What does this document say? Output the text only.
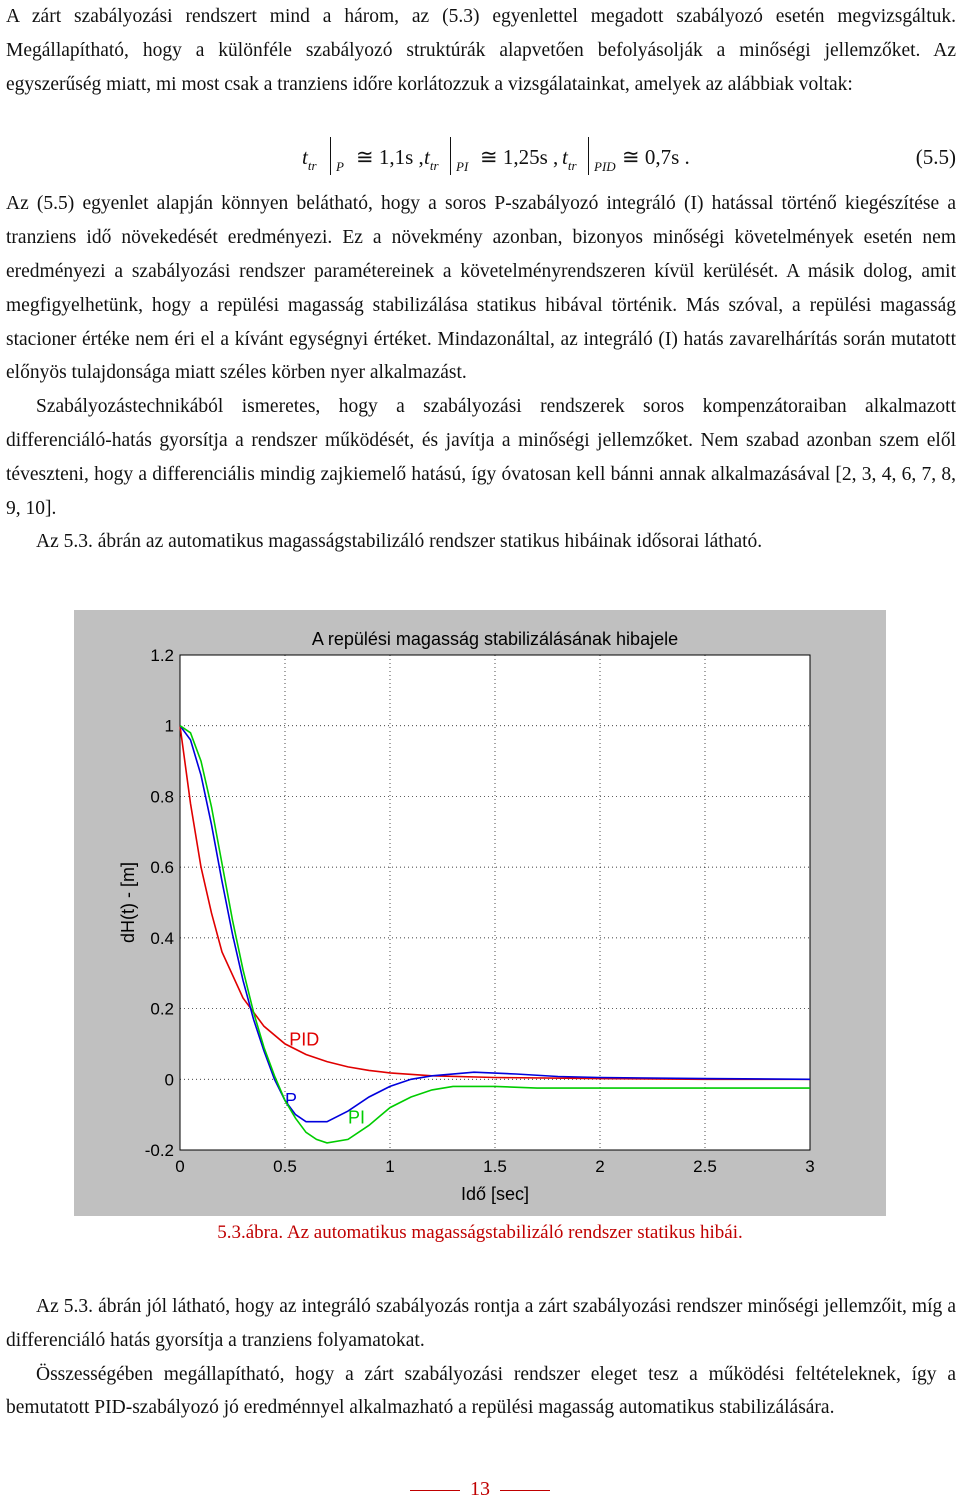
A zárt szabályozási rendszert mind a három, az (5.3) egyenlettel megadott szabályozó esetén megvizsgáltuk. Megállapítható, hogy a különféle szabályozó struktúrák alapvetően befolyásolják a minőségi jellemzőket. Az egyszerűség miatt, mi most csak a tranziens időre korlátozzuk a vizsgálatainkat, amelyek az alábbiak voltak:

$t_{tr}$ P ≅ 1,1s , $t_{tr}$ PI ≅ 1,25s , $t_{tr}$ PID ≅ 0,7s .	(5.5)

Az (5.5) egyenlet alapján könnyen belátható, hogy a soros P-szabályozó integráló (I) hatással történő kiegészítése a tranziens idő növekedését eredményezi. Ez a növekmény azonban, bizonyos minőségi követelmények esetén nem eredményezi a szabályozási rendszer paramétereinek a követelményrendszeren kívül kerülését. A másik dolog, amit megfigyelhetünk, hogy a repülési magasság stabilizálása statikus hibával történik. Más szóval, a repülési magasság stacioner értéke nem éri el a kívánt egységnyi értéket. Mindazonáltal, az integráló (I) hatás zavarelhárítás során mutatott előnyös tulajdonsága miatt széles körben nyer alkalmazást.

Szabályozástechnikából ismeretes, hogy a szabályozási rendszerek soros kompenzátoraiban alkalmazott differenciáló-hatás gyorsítja a rendszer működését, és javítja a minőségi jellemzőket. Nem szabad azonban szem elől téveszteni, hogy a differenciális mindig zajkiemelő hatású, így óvatosan kell bánni annak alkalmazásával [2, 3, 4, 6, 7, 8, 9, 10].

Az 5.3. ábrán az automatikus magasságstabilizáló rendszer statikus hibáinak idősorai látható.

0	0.5	1	1.5	2	2.5	3
-0.2
0
0.2
0.4
0.6
0.8
1
1.2
A repülési magasság stabilizálásának hibajele
Idő [sec]
dH(t) - [m]
PID
P
PI
5.3.ábra. Az automatikus magasságstabilizáló rendszer statikus hibái.

Az 5.3. ábrán jól látható, hogy az integráló szabályozás rontja a zárt szabályozási rendszer minőségi jellemzőit, míg a differenciáló hatás gyorsítja a tranziens folyamatokat.

Összességében megállapítható, hogy a zárt szabályozási rendszer eleget tesz a működési feltételeknek, így a bemutatott PID-szabályozó jó eredménnyel alkalmazható a repülési magasság automatikus stabilizálására.

13
